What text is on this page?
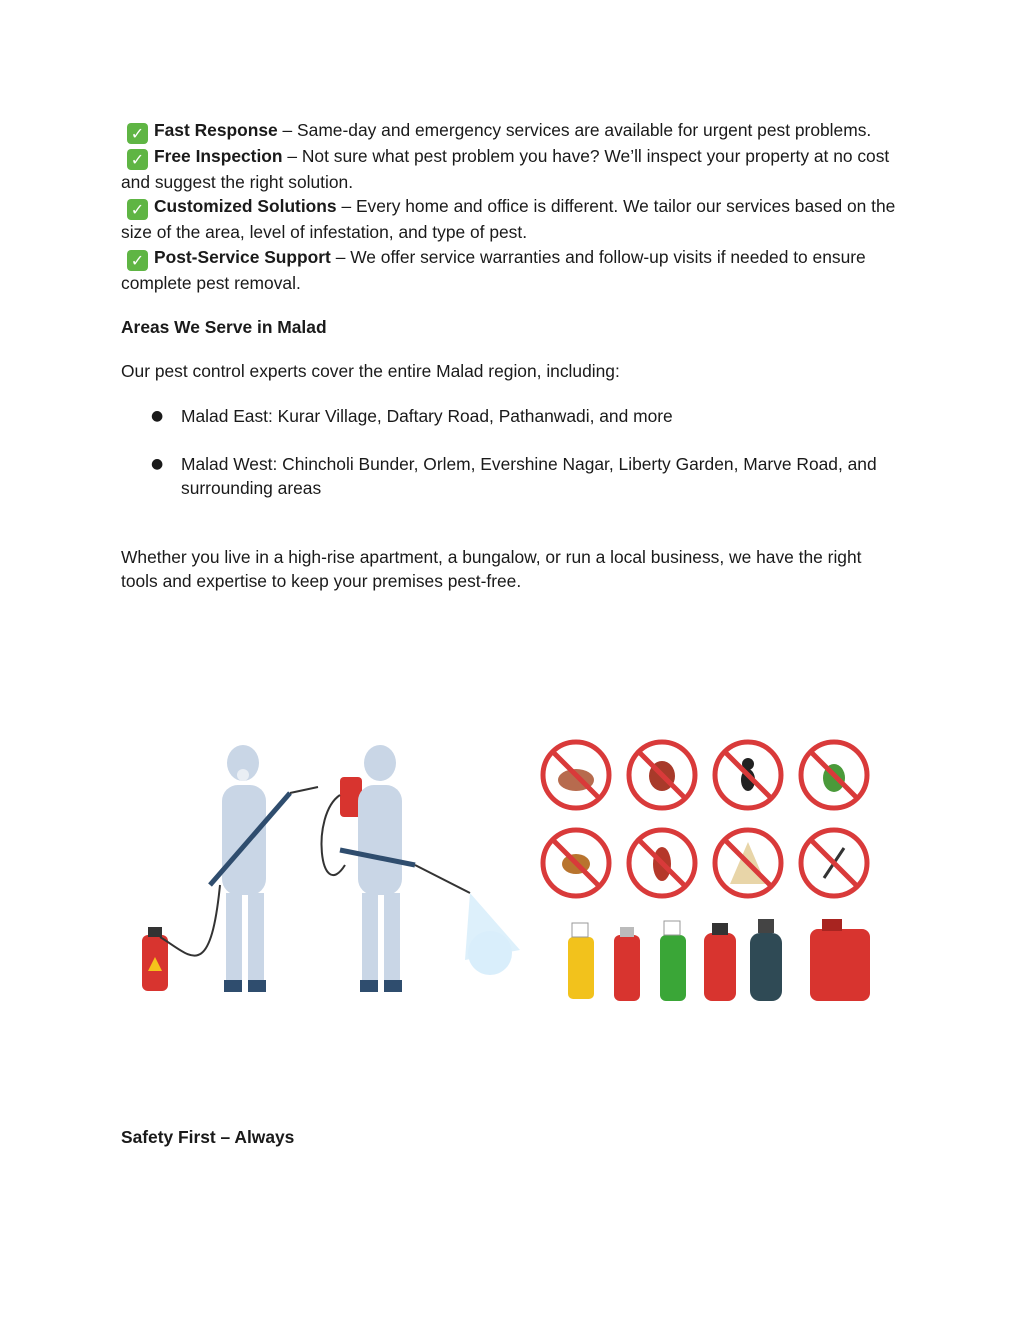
✓ Fast Response – Same-day and emergency services are available for urgent pest problems.

✓ Free Inspection – Not sure what pest problem you have? We’ll inspect your property at no cost and suggest the right solution.

✓ Customized Solutions – Every home and office is different. We tailor our services based on the size of the area, level of infestation, and type of pest.

✓ Post-Service Support – We offer service warranties and follow-up visits if needed to ensure complete pest removal.

Areas We Serve in Malad

Our pest control experts cover the entire Malad region, including:

● Malad East: Kurar Village, Daftary Road, Pathanwadi, and more
● Malad West: Chincholi Bunder, Orlem, Evershine Nagar, Liberty Garden, Marve Road, and surrounding areas

Whether you live in a high-rise apartment, a bungalow, or run a local business, we have the right tools and expertise to keep your premises pest-free.

Safety First – Always
